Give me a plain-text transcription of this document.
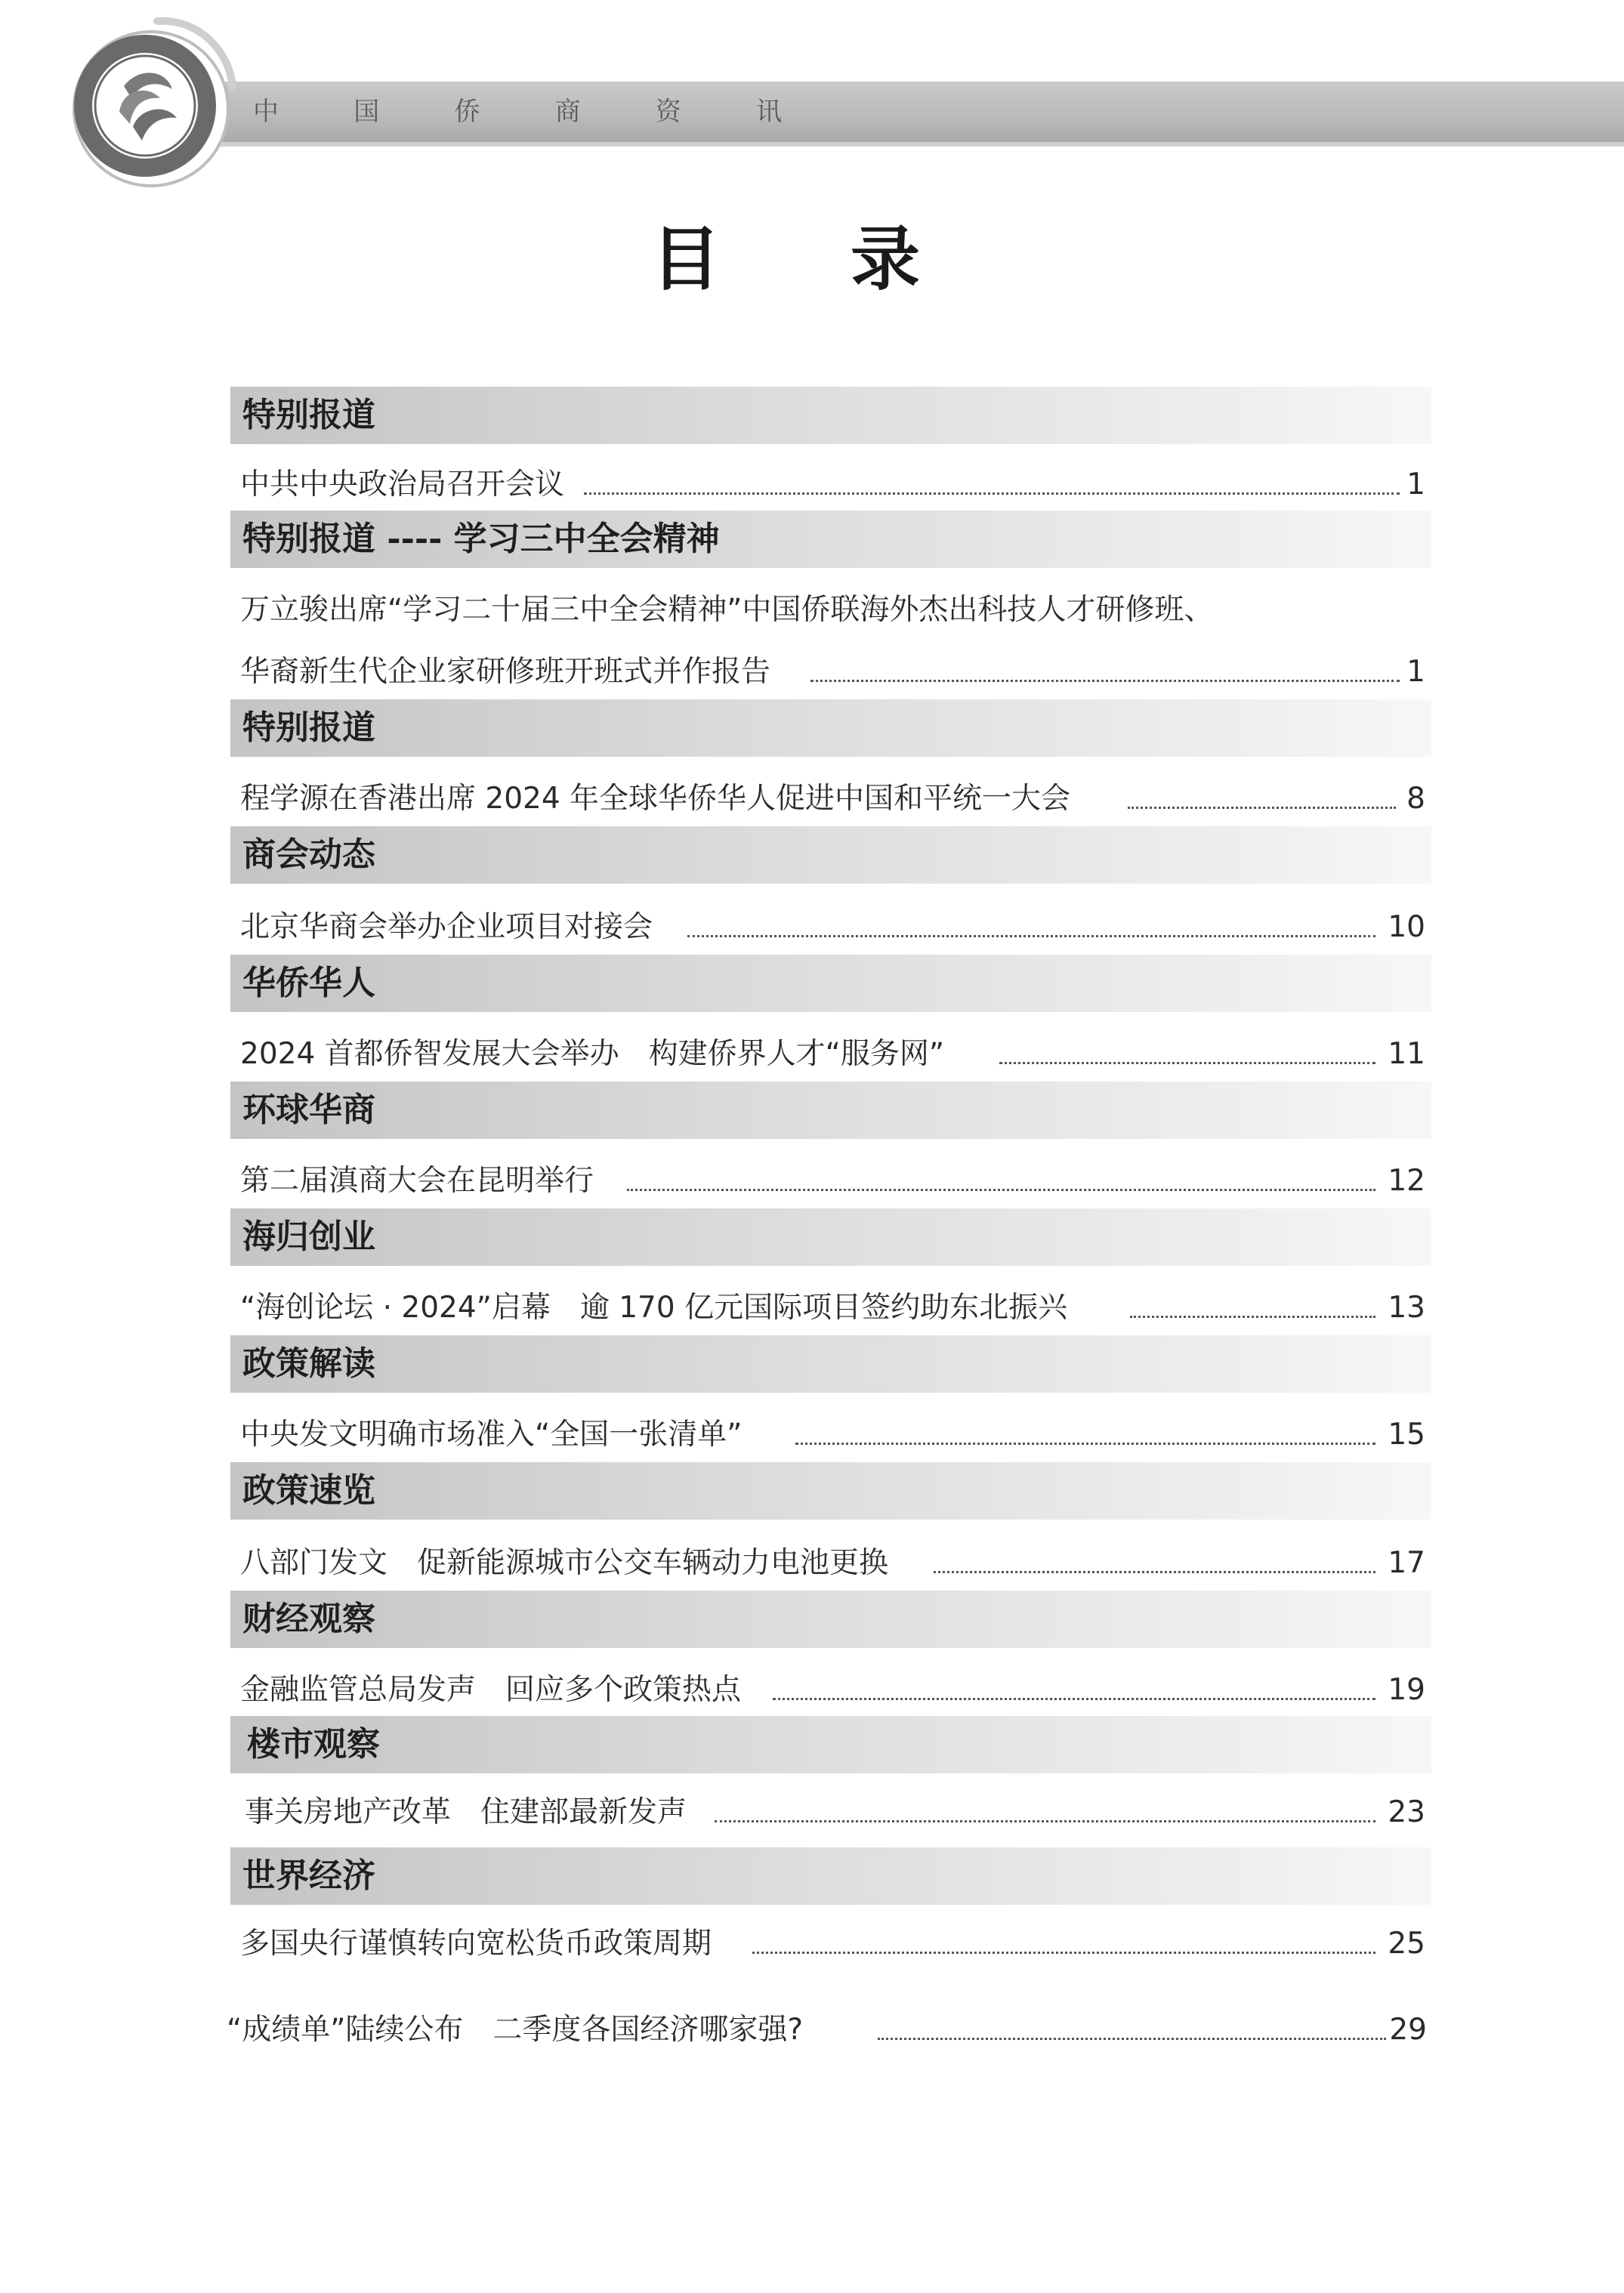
中	国	侨	商	资	讯
目 录
特别报道
中共中央政治局召开会议	1
特别报道 ---- 学习三中全会精神
万立骏出席“学习二十届三中全会精神”中国侨联海外杰出科技人才研修班、
华裔新生代企业家研修班开班式并作报告	1
特别报道
程学源在香港出席 2024 年全球华侨华人促进中国和平统一大会	8
商会动态
北京华商会举办企业项目对接会	10
华侨华人
2024 首都侨智发展大会举办　构建侨界人才“服务网”	11
环球华商
第二届滇商大会在昆明举行	12
海归创业
“海创论坛 · 2024”启幕　逾 170 亿元国际项目签约助东北振兴	13
政策解读
中央发文明确市场准入“全国一张清单”	15
政策速览
八部门发文　促新能源城市公交车辆动力电池更换	17
财经观察
金融监管总局发声　回应多个政策热点	19
楼市观察
事关房地产改革　住建部最新发声	23
世界经济
多国央行谨慎转向宽松货币政策周期	25
“成绩单”陆续公布　二季度各国经济哪家强?	29
